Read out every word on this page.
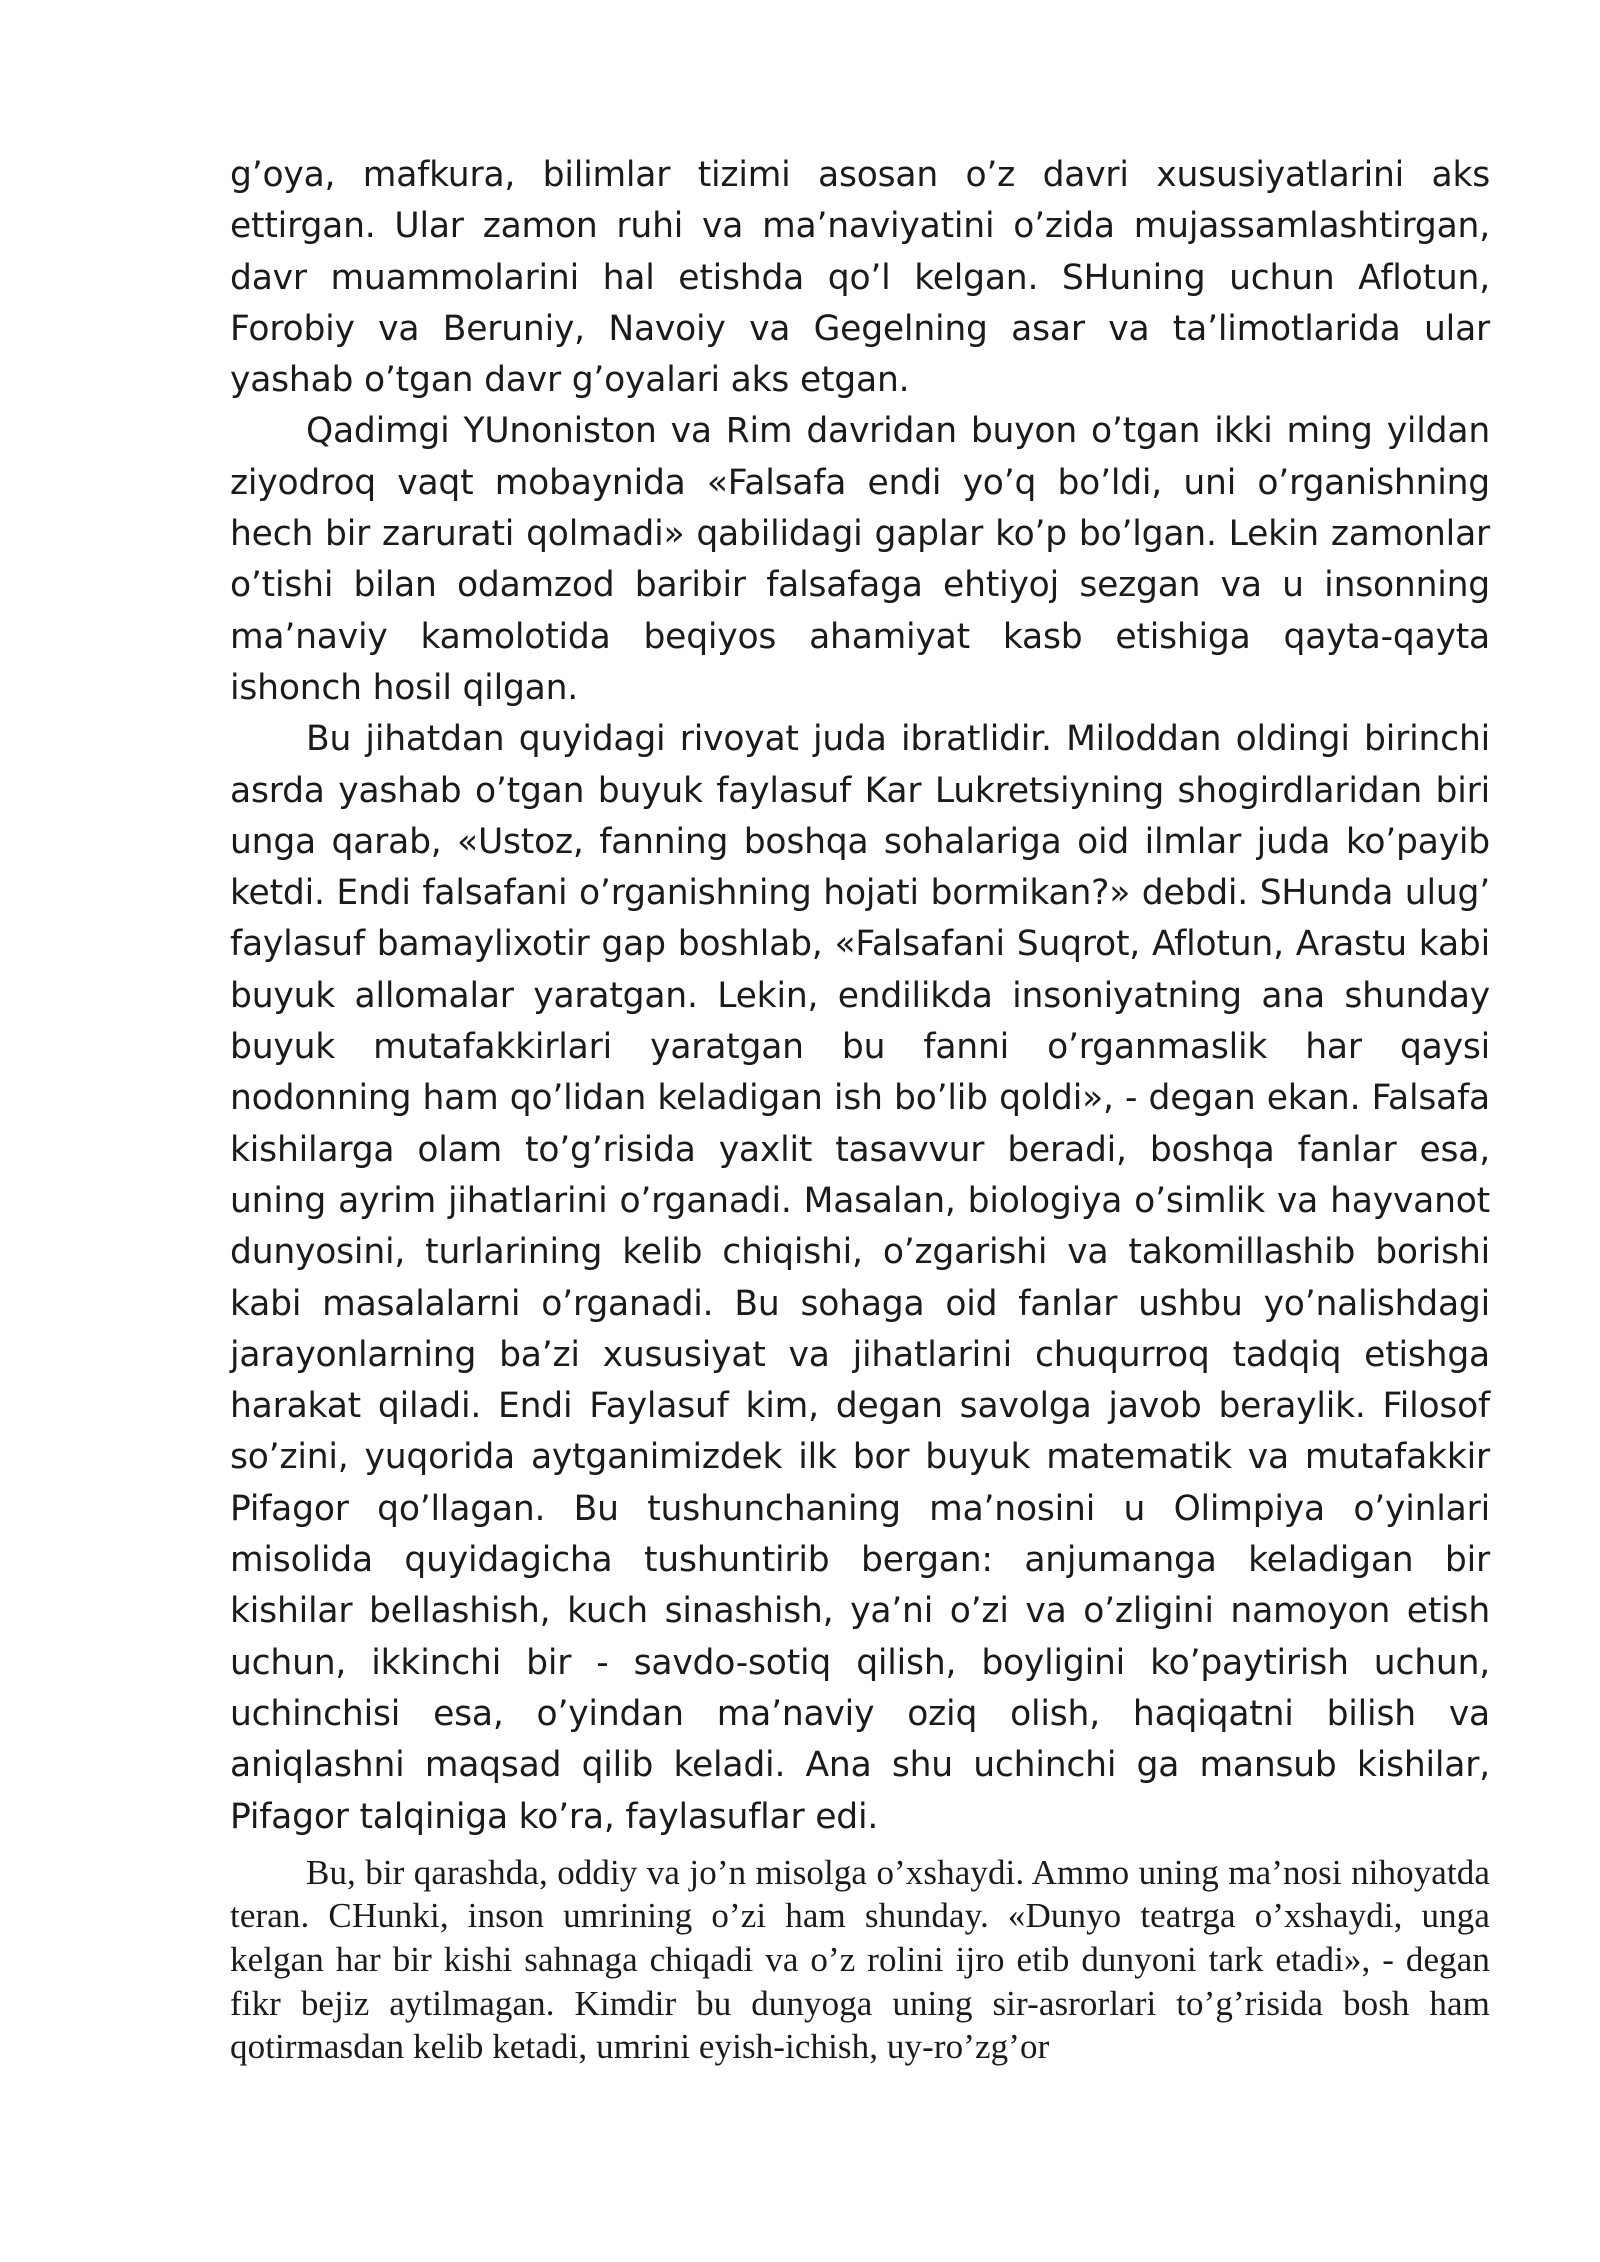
g’oya, mafkura, bilimlar tizimi asosan o’z davri xususiyatlarini aks ettirgan. Ular zamon ruhi va ma’naviyatini o’zida mujassamlashtirgan, davr muammolarini hal etishda qo’l kelgan. SHuning uchun Aflotun, Forobiy va Beruniy, Navoiy va Gegelning asar va ta’limotlarida ular yashab o’tgan davr g’oyalari aks etgan.

Qadimgi YUnoniston va Rim davridan buyon o’tgan ikki ming yildan ziyodroq vaqt mobaynida «Falsafa endi yo’q bo’ldi, uni o’rganishning hech bir zarurati qolmadi» qabilidagi gaplar ko’p bo’lgan. Lekin zamonlar o’tishi bilan odamzod baribir falsafaga ehtiyoj sezgan va u insonning ma’naviy kamolotida beqiyos ahamiyat kasb etishiga qayta-qayta ishonch hosil qilgan.

Bu jihatdan quyidagi rivoyat juda ibratlidir. Miloddan oldingi birinchi asrda yashab o’tgan buyuk faylasuf Kar Lukretsiyning shogirdlaridan biri unga qarab, «Ustoz, fanning boshqa sohalariga oid ilmlar juda ko’payib ketdi. Endi falsafani o’rganishning hojati bormikan?» debdi. SHunda ulug’ faylasuf bamaylixotir gap boshlab, «Falsafani Suqrot, Aflotun, Arastu kabi buyuk allomalar yaratgan. Lekin, endilikda insoniyatning ana shunday buyuk mutafakkirlari yaratgan bu fanni o’rganmaslik har qaysi nodonning ham qo’lidan keladigan ish bo’lib qoldi», - degan ekan. Falsafa kishilarga olam to’g’risida yaxlit tasavvur beradi, boshqa fanlar esa, uning ayrim jihatlarini o’rganadi. Masalan, biologiya o’simlik va hayvanot dunyosini, turlarining kelib chiqishi, o’zgarishi va takomillashib borishi kabi masalalarni o’rganadi. Bu sohaga oid fanlar ushbu yo’nalishdagi jarayonlarning ba’zi xususiyat va jihatlarini chuqurroq tadqiq etishga harakat qiladi. Endi Faylasuf kim, degan savolga javob beraylik. Filosof so’zini, yuqorida aytganimizdek ilk bor buyuk matematik va mutafakkir Pifagor qo’llagan. Bu tushunchaning ma’nosini u Olimpiya o’yinlari misolida quyidagicha tushuntirib bergan: anjumanga keladigan bir kishilar bellashish, kuch sinashish, ya’ni o’zi va o’zligini namoyon etish uchun, ikkinchi bir - savdo-sotiq qilish, boyligini ko’paytirish uchun, uchinchisi esa, o’yindan ma’naviy oziq olish, haqiqatni bilish va aniqlashni maqsad qilib keladi. Ana shu uchinchi ga mansub kishilar, Pifagor talqiniga ko’ra, faylasuflar edi.

Bu, bir qarashda, oddiy va jo’n misolga o’xshaydi. Ammo uning ma’nosi nihoyatda teran. CHunki, inson umrining o’zi ham shunday. «Dunyo teatrga o’xshaydi, unga kelgan har bir kishi sahnaga chiqadi va o’z rolini ijro etib dunyoni tark etadi», - degan fikr bejiz aytilmagan. Kimdir bu dunyoga uning sir-asrorlari to’g’risida bosh ham qotirmasdan kelib ketadi, umrini eyish-ichish, uy-ro’zg’or
